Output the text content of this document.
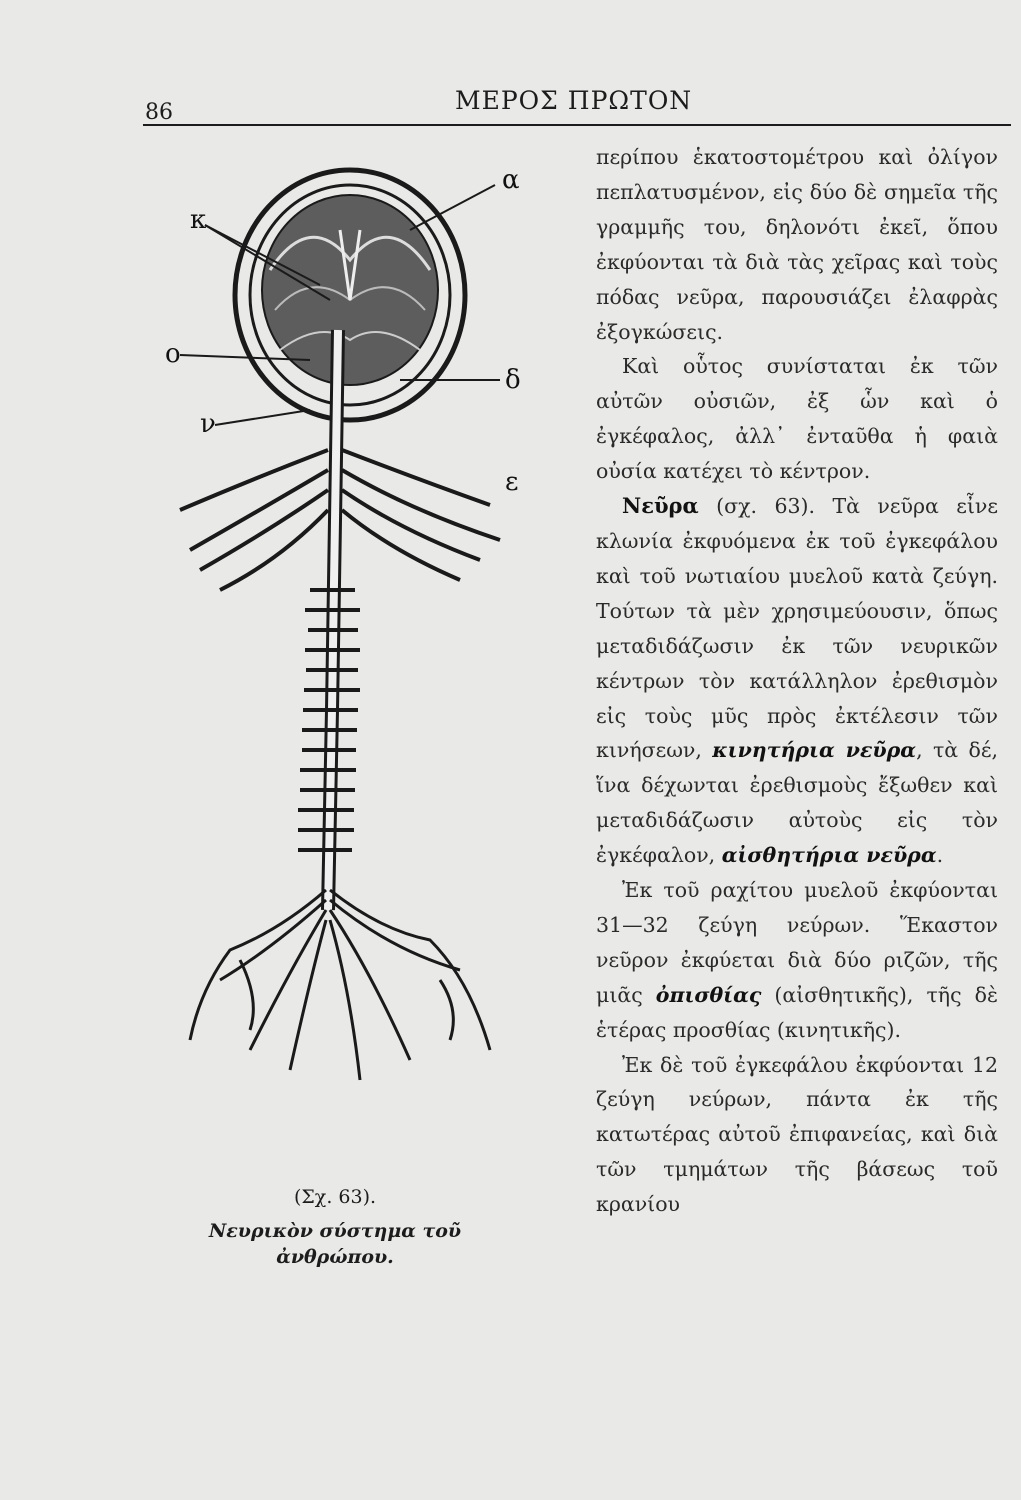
86	ΜΕΡΟΣ ΠΡΩΤΟΝ
α
κ
ο
δ
ν
ε
(Σχ. 63).
Νευρικὸν σύστημα τοῦ ἀνθρώπου.

περίπου ἑκατοστομέτρου καὶ ὀλίγον πεπλατυσμένον, εἰς δύο δὲ σημεῖα τῆς γραμμῆς του, δηλονότι ἐκεῖ, ὅπου ἐκφύονται τὰ διὰ τὰς χεῖρας καὶ τοὺς πόδας νεῦρα, παρουσιάζει ἐλαφρὰς ἐξογκώσεις.

Καὶ οὗτος συνίσταται ἐκ τῶν αὐτῶν οὐσιῶν, ἐξ ὧν καὶ ὁ ἐγκέφαλος, ἀλλ᾽ ἐνταῦθα ἡ φαιὰ οὐσία κατέχει τὸ κέντρον.

Νεῦρα (σχ. 63). Τὰ νεῦρα εἶνε κλωνία ἐκφυόμενα ἐκ τοῦ ἐγκεφάλου καὶ τοῦ νωτιαίου μυελοῦ κατὰ ζεύγη. Τούτων τὰ μὲν χρησιμεύουσιν, ὅπως μεταδιδάζωσιν ἐκ τῶν νευρικῶν κέντρων τὸν κατάλληλον ἐρεθισμὸν εἰς τοὺς μῦς πρὸς ἐκτέλεσιν τῶν κινήσεων, κινητήρια νεῦρα, τὰ δέ, ἵνα δέχωνται ἐρεθισμοὺς ἔξωθεν καὶ μεταδιδάζωσιν αὐτοὺς εἰς τὸν ἐγκέφαλον, αἰσθητήρια νεῦρα.

Ἐκ τοῦ ραχίτου μυελοῦ ἐκφύονται 31—32 ζεύγη νεύρων. Ἕκαστον νεῦρον ἐκφύεται διὰ δύο ριζῶν, τῆς μιᾶς ὀπισθίας (αἰσθητικῆς), τῆς δὲ ἑτέρας προσθίας (κινητικῆς).

Ἐκ δὲ τοῦ ἐγκεφάλου ἐκφύονται 12 ζεύγη νεύρων, πάντα ἐκ τῆς κατωτέρας αὐτοῦ ἐπιφανείας, καὶ διὰ τῶν τμημάτων τῆς βάσεως τοῦ κρανίου
